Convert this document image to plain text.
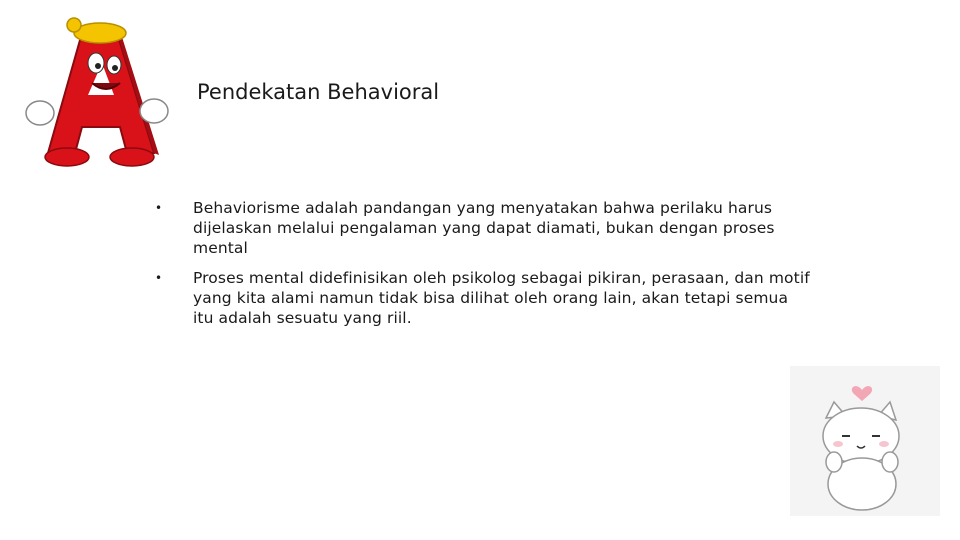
Pendekatan Behavioral
• Behaviorisme adalah pandangan yang menyatakan bahwa perilaku harus dijelaskan melalui pengalaman yang dapat diamati, bukan dengan proses mental
• Proses mental didefinisikan oleh psikolog sebagai pikiran, perasaan, dan motif yang kita alami namun tidak bisa dilihat oleh orang lain, akan tetapi semua itu adalah sesuatu yang riil.
